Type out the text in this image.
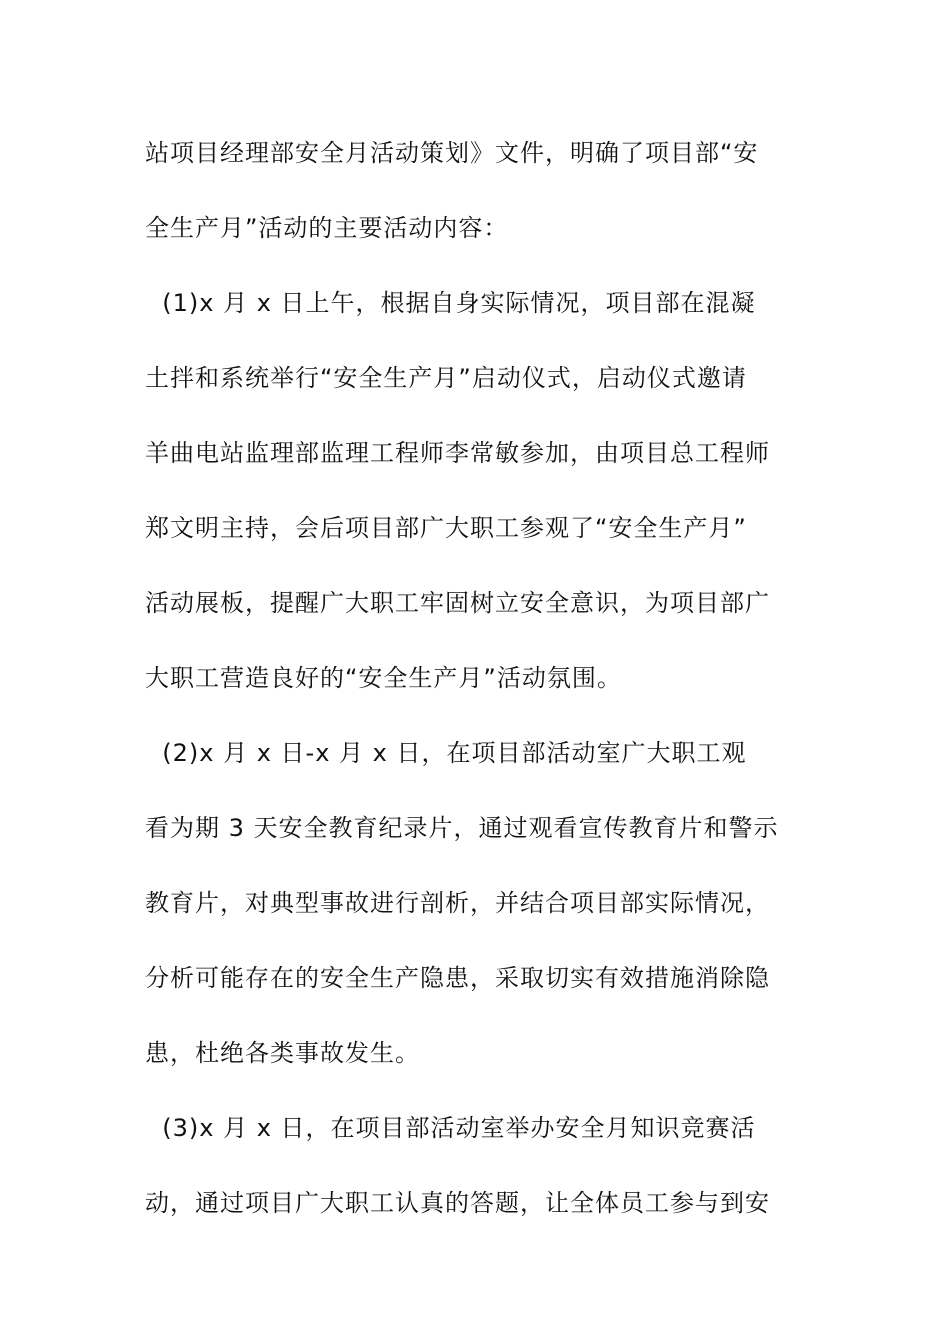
站项目经理部安全月活动策划》文件，明确了项目部“安
全生产月”活动的主要活动内容：
(1)x 月 x 日上午，根据自身实际情况，项目部在混凝
土拌和系统举行“安全生产月”启动仪式，启动仪式邀请
羊曲电站监理部监理工程师李常敏参加，由项目总工程师
郑文明主持，会后项目部广大职工参观了“安全生产月”
活动展板，提醒广大职工牢固树立安全意识，为项目部广
大职工营造良好的“安全生产月”活动氛围。
(2)x 月 x 日-x 月 x 日，在项目部活动室广大职工观
看为期 3 天安全教育纪录片，通过观看宣传教育片和警示
教育片，对典型事故进行剖析，并结合项目部实际情况，
分析可能存在的安全生产隐患，采取切实有效措施消除隐
患，杜绝各类事故发生。
(3)x 月 x 日，在项目部活动室举办安全月知识竞赛活
动，通过项目广大职工认真的答题，让全体员工参与到安
